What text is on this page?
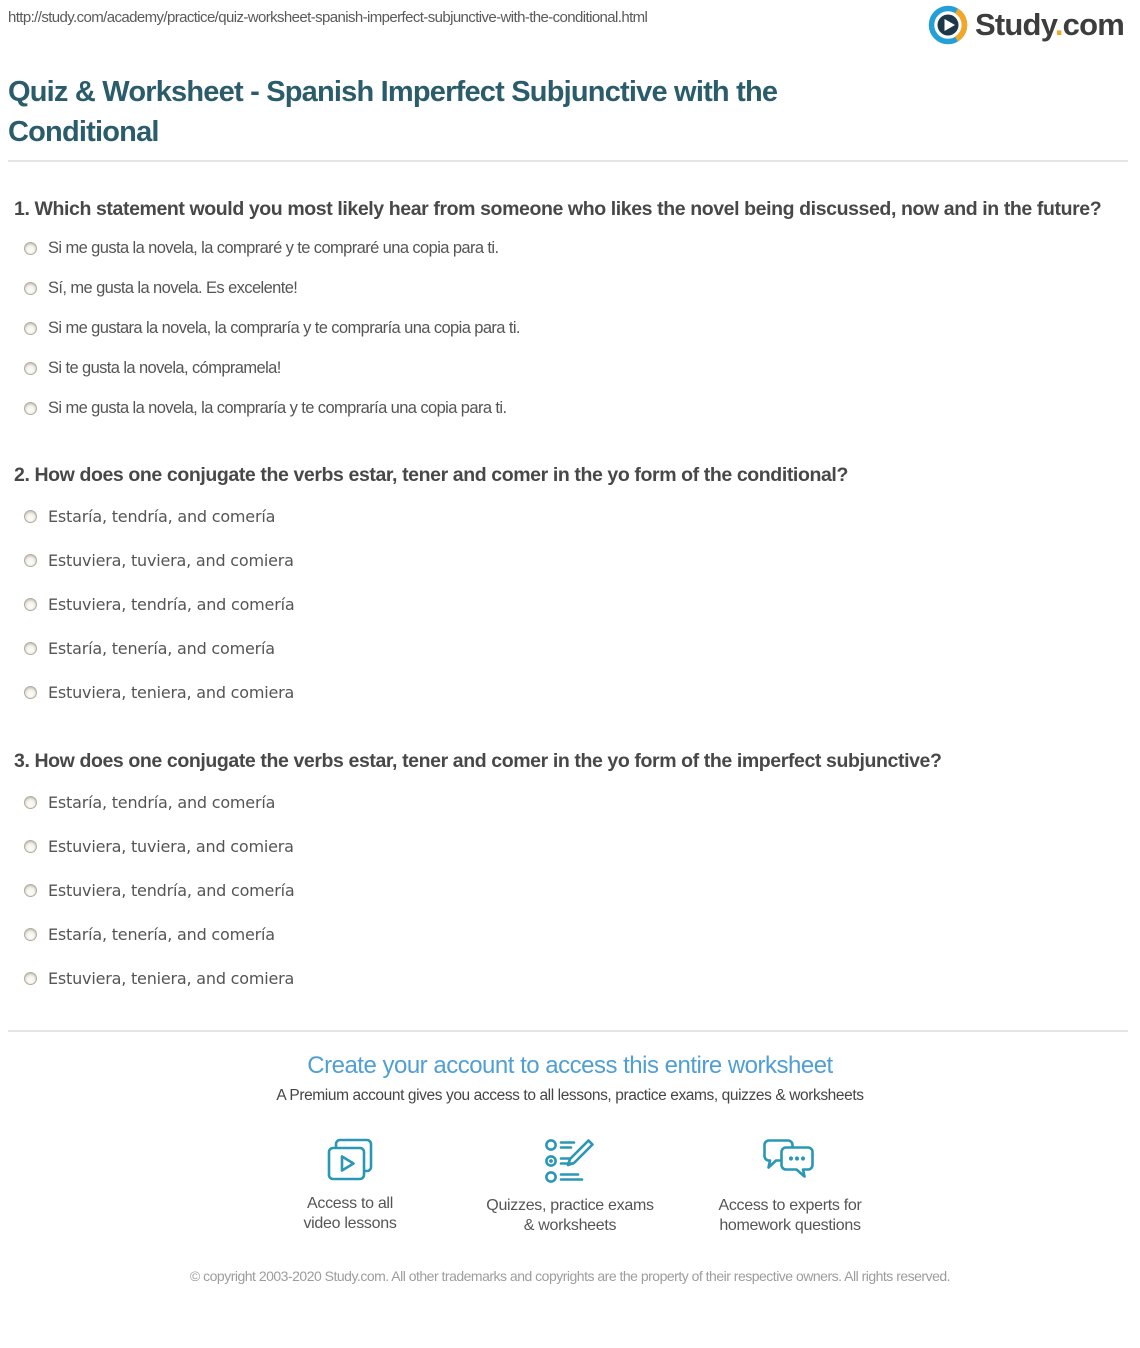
http://study.com/academy/practice/quiz-worksheet-spanish-imperfect-subjunctive-with-the-conditional.html	Study.com
Quiz & Worksheet - Spanish Imperfect Subjunctive with the Conditional
1. Which statement would you most likely hear from someone who likes the novel being discussed, now and in the future?
Si me gusta la novela, la compraré y te compraré una copia para ti.
Sí, me gusta la novela. Es excelente!
Si me gustara la novela, la compraría y te compraría una copia para ti.
Si te gusta la novela, cómpramela!
Si me gusta la novela, la compraría y te compraría una copia para ti.
2. How does one conjugate the verbs estar, tener and comer in the yo form of the conditional?
Estaría, tendría, and comería
Estuviera, tuviera, and comiera
Estuviera, tendría, and comería
Estaría, tenería, and comería
Estuviera, teniera, and comiera
3. How does one conjugate the verbs estar, tener and comer in the yo form of the imperfect subjunctive?
Estaría, tendría, and comería
Estuviera, tuviera, and comiera
Estuviera, tendría, and comería
Estaría, tenería, and comería
Estuviera, teniera, and comiera
Create your account to access this entire worksheet
A Premium account gives you access to all lessons, practice exams, quizzes & worksheets
Access to all
video lessons
Quizzes, practice exams
& worksheets
Access to experts for
homework questions
© copyright 2003-2020 Study.com. All other trademarks and copyrights are the property of their respective owners. All rights reserved.
